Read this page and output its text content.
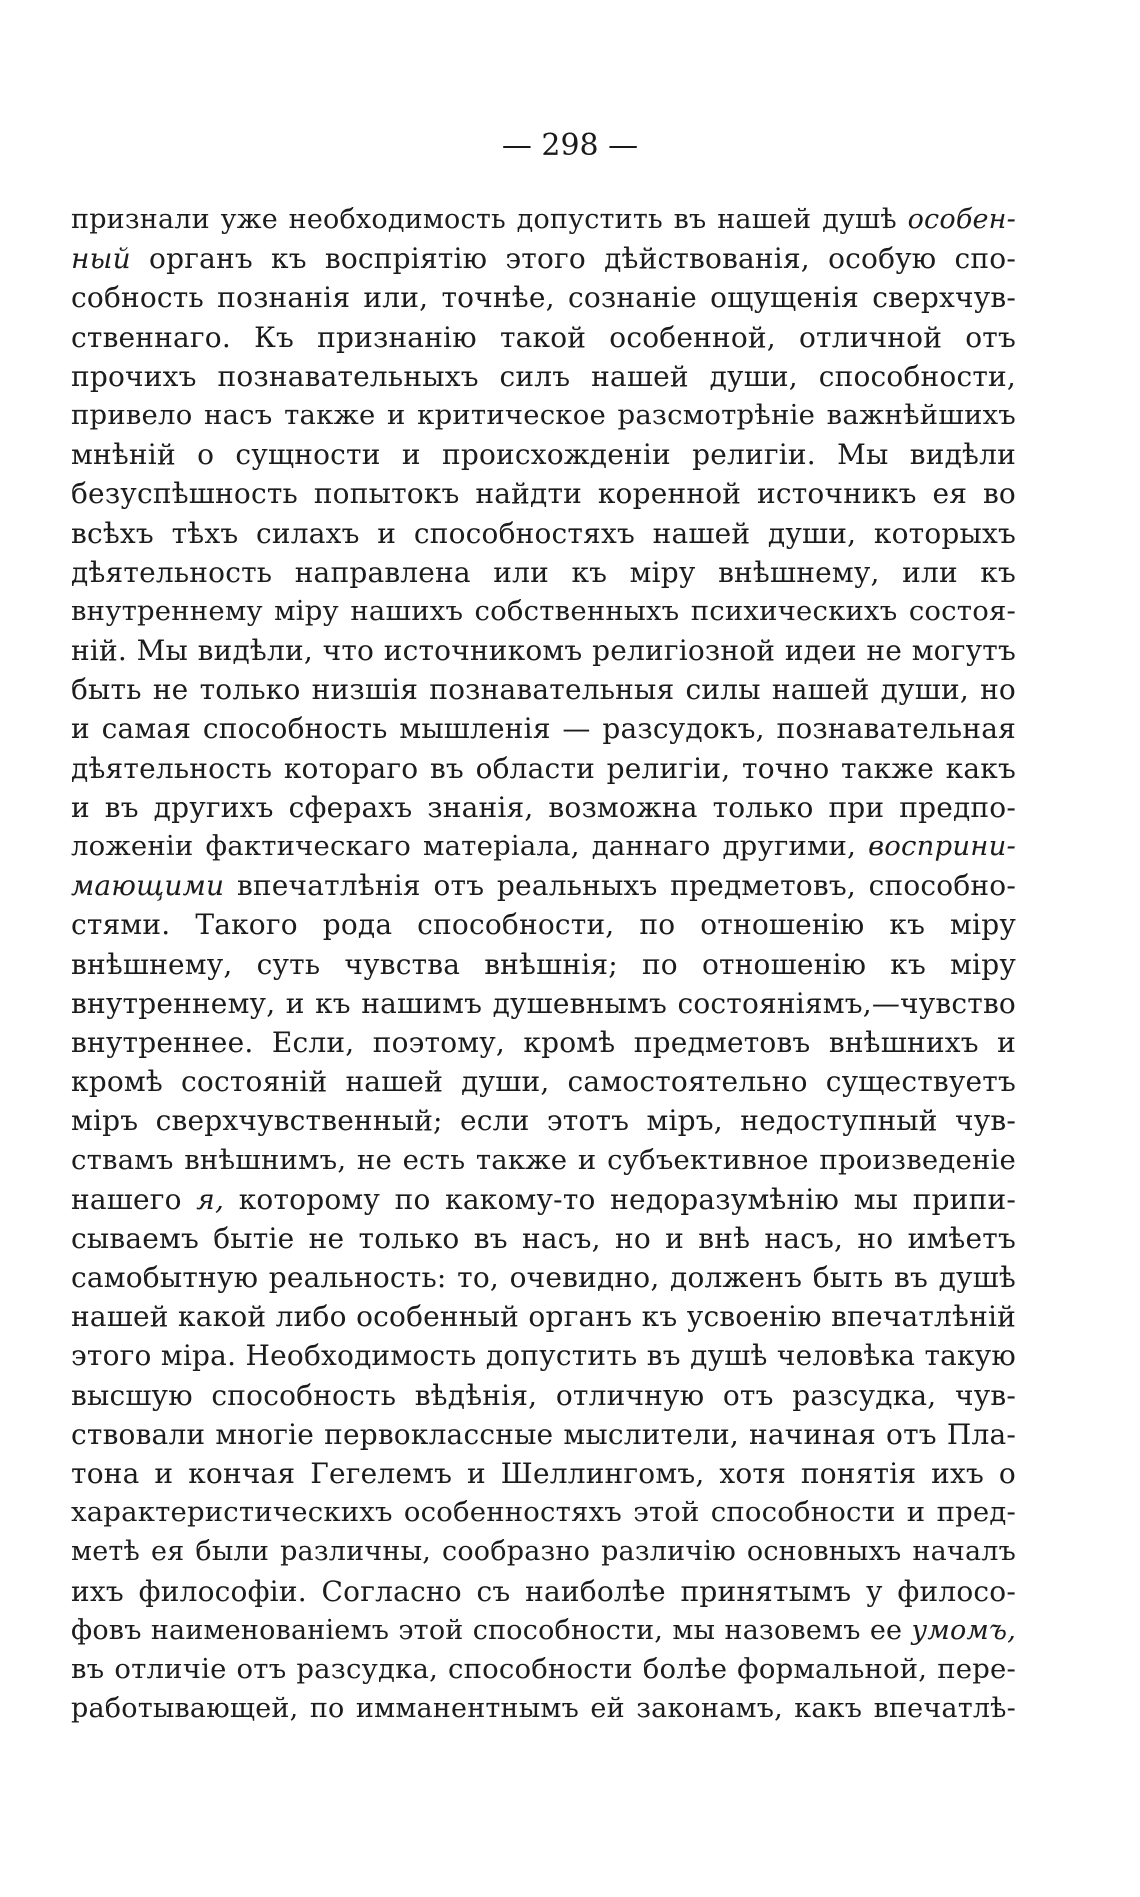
— 298 —
признали уже необходимость допустить въ нашей душѣ особен-
ный органъ къ воспріятію этого дѣйствованія, особую спо-
собность познанія или, точнѣе, сознаніе ощущенія сверхчув-
ственнаго. Къ признанію такой особенной, отличной отъ
прочихъ познавательныхъ силъ нашей души, способности,
привело насъ также и критическое разсмотрѣніе важнѣйшихъ
мнѣній о сущности и происхожденіи религіи. Мы видѣли
безуспѣшность попытокъ найдти коренной источникъ ея во
всѣхъ тѣхъ силахъ и способностяхъ нашей души, которыхъ
дѣятельность направлена или къ міру внѣшнему, или къ
внутреннему міру нашихъ собственныхъ психическихъ состоя-
ній. Мы видѣли, что источникомъ религіозной идеи не могутъ
быть не только низшія познавательныя силы нашей души, но
и самая способность мышленія — разсудокъ, познавательная
дѣятельность котораго въ области религіи, точно также какъ
и въ другихъ сферахъ знанія, возможна только при предпо-
ложеніи фактическаго матеріала, даннаго другими, восприни-
мающими впечатлѣнія отъ реальныхъ предметовъ, способно-
стями. Такого рода способности, по отношенію къ міру
внѣшнему, суть чувства внѣшнія; по отношенію къ міру
внутреннему, и къ нашимъ душевнымъ состояніямъ,—чувство
внутреннее. Если, поэтому, кромѣ предметовъ внѣшнихъ и
кромѣ состояній нашей души, самостоятельно существуетъ
міръ сверхчувственный; если этотъ міръ, недоступный чув-
ствамъ внѣшнимъ, не есть также и субъективное произведеніе
нашего я, которому по какому-то недоразумѣнію мы припи-
сываемъ бытіе не только въ насъ, но и внѣ насъ, но имѣетъ
самобытную реальность: то, очевидно, долженъ быть въ душѣ
нашей какой либо особенный органъ къ усвоенію впечатлѣній
этого міра. Необходимость допустить въ душѣ человѣка такую
высшую способность вѣдѣнія, отличную отъ разсудка, чув-
ствовали многіе первоклассные мыслители, начиная отъ Пла-
тона и кончая Гегелемъ и Шеллингомъ, хотя понятія ихъ о
характеристическихъ особенностяхъ этой способности и пред-
метѣ ея были различны, сообразно различію основныхъ началъ
ихъ философіи. Согласно съ наиболѣе принятымъ у филосо-
фовъ наименованіемъ этой способности, мы назовемъ ее умомъ,
въ отличіе отъ разсудка, способности болѣе формальной, пере-
работывающей, по имманентнымъ ей законамъ, какъ впечатлѣ-
